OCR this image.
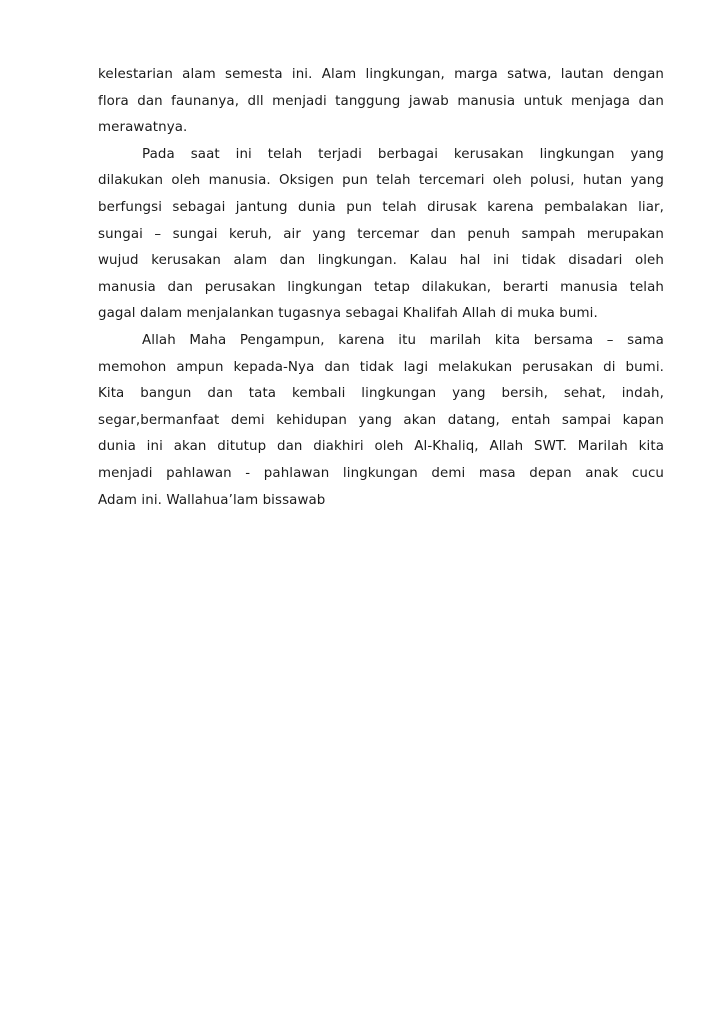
kelestarian alam semesta ini. Alam lingkungan, marga satwa, lautan dengan
flora dan faunanya, dll menjadi tanggung jawab manusia untuk menjaga dan
merawatnya.
Pada saat ini telah terjadi berbagai kerusakan lingkungan yang
dilakukan oleh manusia. Oksigen pun telah tercemari oleh polusi, hutan yang
berfungsi sebagai jantung dunia pun telah dirusak karena pembalakan liar,
sungai – sungai keruh, air yang tercemar dan penuh sampah merupakan
wujud kerusakan alam dan lingkungan. Kalau hal ini tidak disadari oleh
manusia dan perusakan lingkungan tetap dilakukan, berarti manusia telah
gagal dalam menjalankan tugasnya sebagai Khalifah Allah di muka bumi.
Allah Maha Pengampun, karena itu marilah kita bersama – sama
memohon ampun kepada-Nya dan tidak lagi melakukan perusakan di bumi.
Kita bangun dan tata kembali lingkungan yang bersih, sehat, indah,
segar,bermanfaat demi kehidupan yang akan datang, entah sampai kapan
dunia ini akan ditutup dan diakhiri oleh Al-Khaliq, Allah SWT. Marilah kita
menjadi pahlawan - pahlawan lingkungan demi masa depan anak cucu
Adam ini. Wallahua’lam bissawab
